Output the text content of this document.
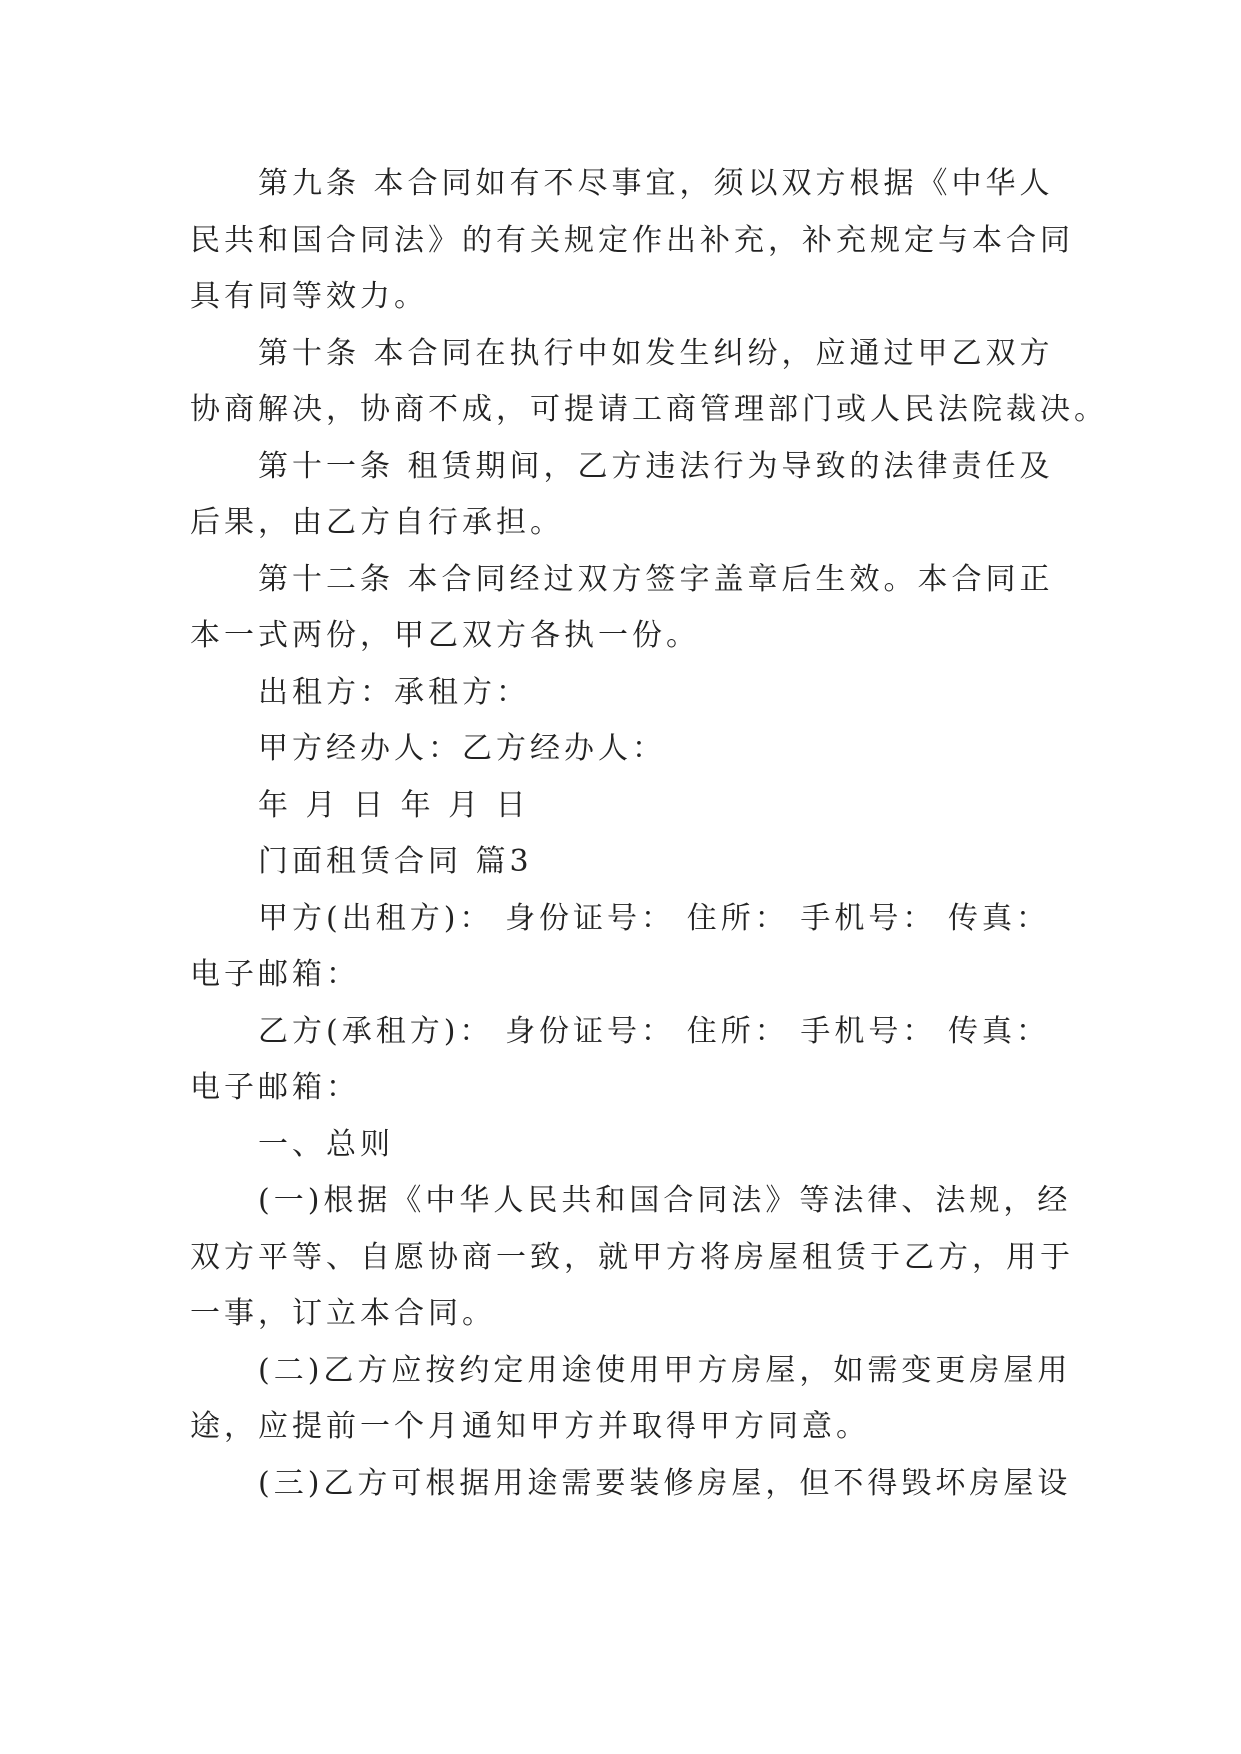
第九条 本合同如有不尽事宜，须以双方根据《中华人
民共和国合同法》的有关规定作出补充，补充规定与本合同
具有同等效力。
第十条 本合同在执行中如发生纠纷，应通过甲乙双方
协商解决，协商不成，可提请工商管理部门或人民法院裁决。
第十一条 租赁期间，乙方违法行为导致的法律责任及
后果，由乙方自行承担。
第十二条 本合同经过双方签字盖章后生效。本合同正
本一式两份，甲乙双方各执一份。
出租方：承租方：
甲方经办人：乙方经办人：
年 月 日 年 月 日
门面租赁合同 篇3
甲方(出租方)： 身份证号： 住所： 手机号： 传真：
电子邮箱：
乙方(承租方)： 身份证号： 住所： 手机号： 传真：
电子邮箱：
一、总则
(一)根据《中华人民共和国合同法》等法律、法规，经
双方平等、自愿协商一致，就甲方将房屋租赁于乙方，用于
一事，订立本合同。
(二)乙方应按约定用途使用甲方房屋，如需变更房屋用
途，应提前一个月通知甲方并取得甲方同意。
(三)乙方可根据用途需要装修房屋，但不得毁坏房屋设
